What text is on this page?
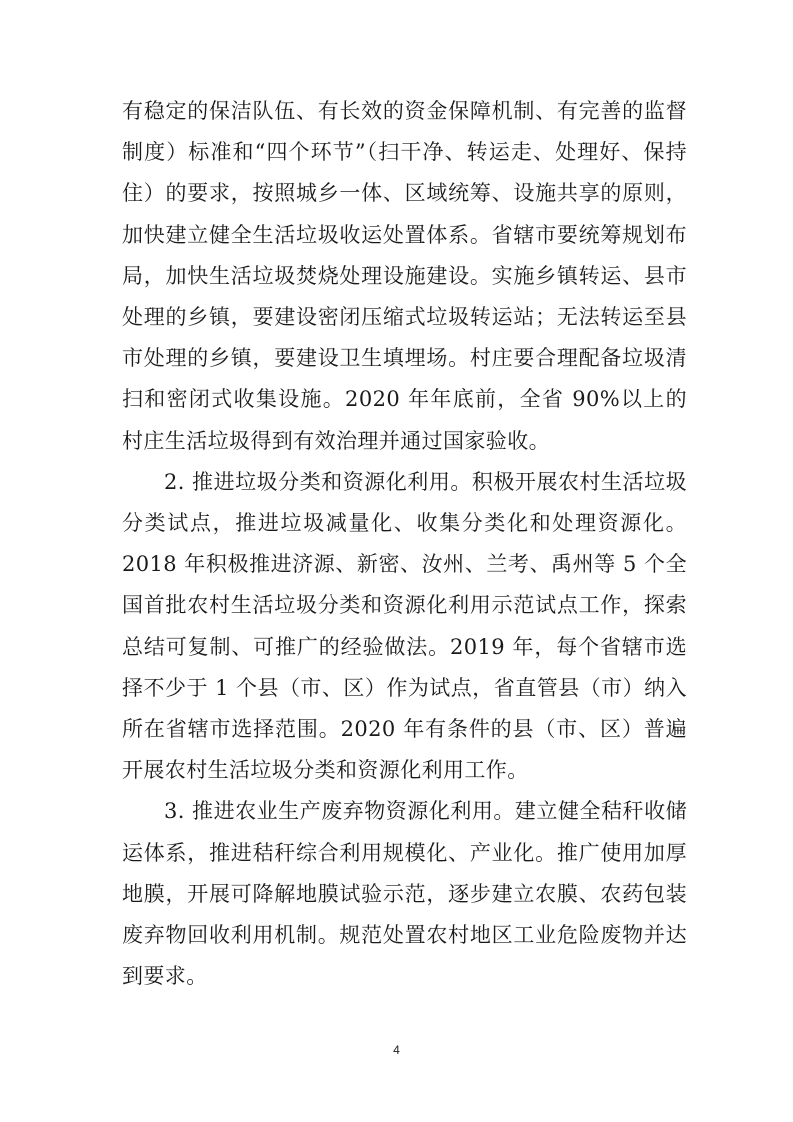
有稳定的保洁队伍、有长效的资金保障机制、有完善的监督制度）标准和“四个环节”（扫干净、转运走、处理好、保持住）的要求，按照城乡一体、区域统筹、设施共享的原则，加快建立健全生活垃圾收运处置体系。省辖市要统筹规划布局，加快生活垃圾焚烧处理设施建设。实施乡镇转运、县市处理的乡镇，要建设密闭压缩式垃圾转运站；无法转运至县市处理的乡镇，要建设卫生填埋场。村庄要合理配备垃圾清扫和密闭式收集设施。2020 年年底前，全省 90%以上的村庄生活垃圾得到有效治理并通过国家验收。

2. 推进垃圾分类和资源化利用。积极开展农村生活垃圾分类试点，推进垃圾减量化、收集分类化和处理资源化。2018 年积极推进济源、新密、汝州、兰考、禹州等 5 个全国首批农村生活垃圾分类和资源化利用示范试点工作，探索总结可复制、可推广的经验做法。2019 年，每个省辖市选择不少于 1 个县（市、区）作为试点，省直管县（市）纳入所在省辖市选择范围。2020 年有条件的县（市、区）普遍开展农村生活垃圾分类和资源化利用工作。

3. 推进农业生产废弃物资源化利用。建立健全秸秆收储运体系，推进秸秆综合利用规模化、产业化。推广使用加厚地膜，开展可降解地膜试验示范，逐步建立农膜、农药包装废弃物回收利用机制。规范处置农村地区工业危险废物并达到要求。

4
